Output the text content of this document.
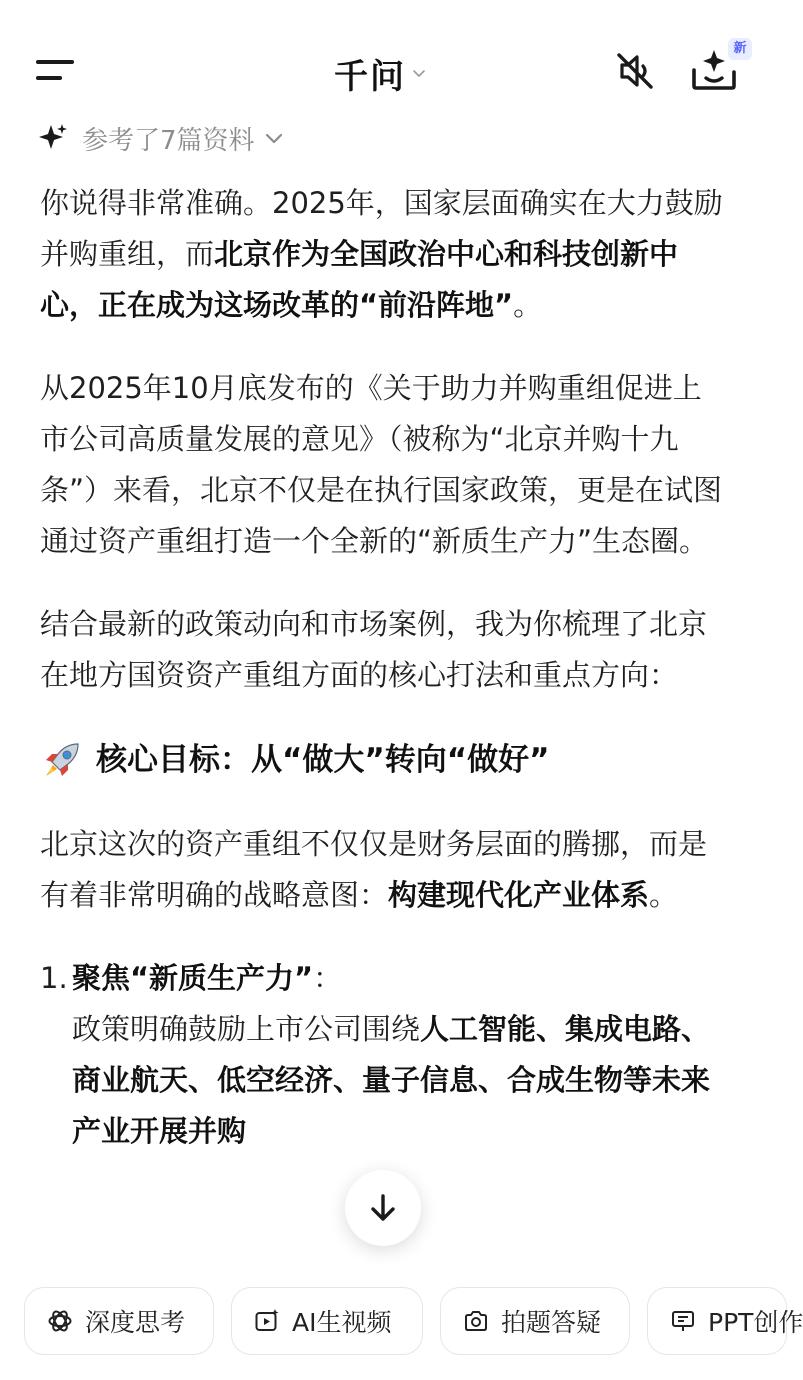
千问
新
参考了7篇资料

你说得非常准确。2025年，国家层面确实在大力鼓励并购重组，而北京作为全国政治中心和科技创新中心，正在成为这场改革的“前沿阵地”。

从2025年10月底发布的《关于助力并购重组促进上市公司高质量发展的意见》（被称为“北京并购十九条”）来看，北京不仅是在执行国家政策，更是在试图通过资产重组打造一个全新的“新质生产力”生态圈。

结合最新的政策动向和市场案例，我为你梳理了北京在地方国资资产重组方面的核心打法和重点方向：

核心目标：从“做大”转向“做好”

北京这次的资产重组不仅仅是财务层面的腾挪，而是有着非常明确的战略意图：构建现代化产业体系。

1. 聚焦“新质生产力”：
政策明确鼓励上市公司围绕人工智能、集成电路、商业航天、低空经济、量子信息、合成生物等未来产业开展并购
深度思考	AI生视频	拍题答疑	PPT创作
